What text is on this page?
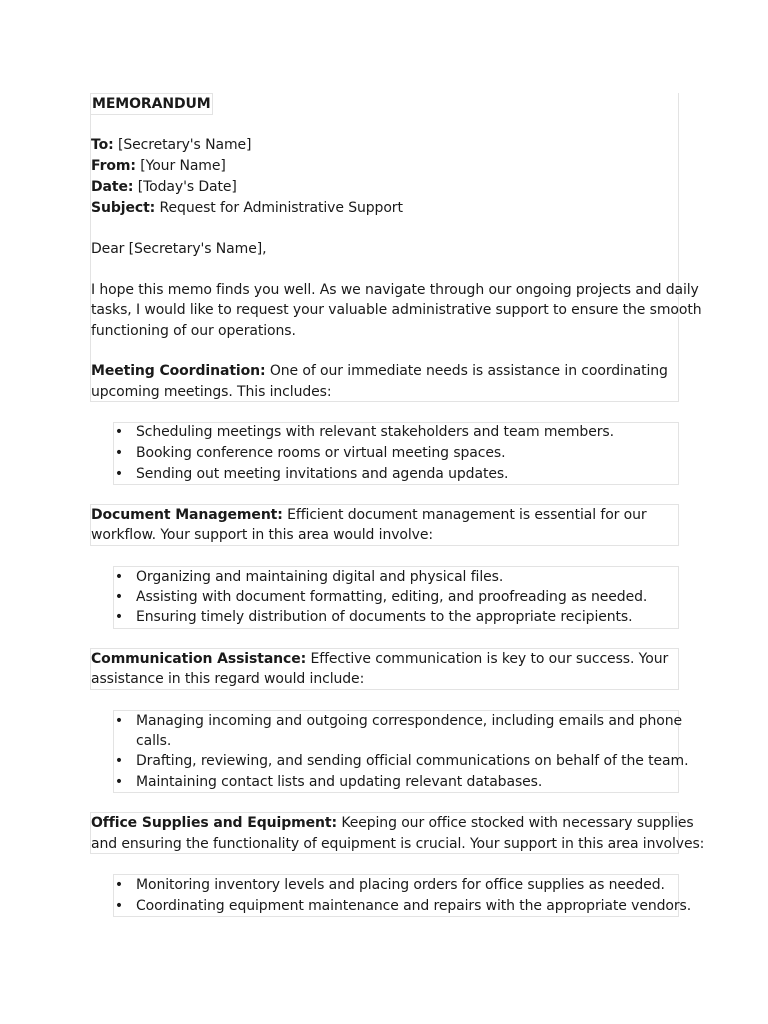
MEMORANDUM
To: [Secretary's Name]
From: [Your Name]
Date: [Today's Date]
Subject: Request for Administrative Support
Dear [Secretary's Name],
I hope this memo finds you well. As we navigate through our ongoing projects and daily
tasks, I would like to request your valuable administrative support to ensure the smooth
functioning of our operations.
Meeting Coordination: One of our immediate needs is assistance in coordinating
upcoming meetings. This includes:
• Scheduling meetings with relevant stakeholders and team members.
• Booking conference rooms or virtual meeting spaces.
• Sending out meeting invitations and agenda updates.
Document Management: Efficient document management is essential for our
workflow. Your support in this area would involve:
• Organizing and maintaining digital and physical files.
• Assisting with document formatting, editing, and proofreading as needed.
• Ensuring timely distribution of documents to the appropriate recipients.
Communication Assistance: Effective communication is key to our success. Your
assistance in this regard would include:
• Managing incoming and outgoing correspondence, including emails and phone
calls.
• Drafting, reviewing, and sending official communications on behalf of the team.
• Maintaining contact lists and updating relevant databases.
Office Supplies and Equipment: Keeping our office stocked with necessary supplies
and ensuring the functionality of equipment is crucial. Your support in this area involves:
• Monitoring inventory levels and placing orders for office supplies as needed.
• Coordinating equipment maintenance and repairs with the appropriate vendors.
